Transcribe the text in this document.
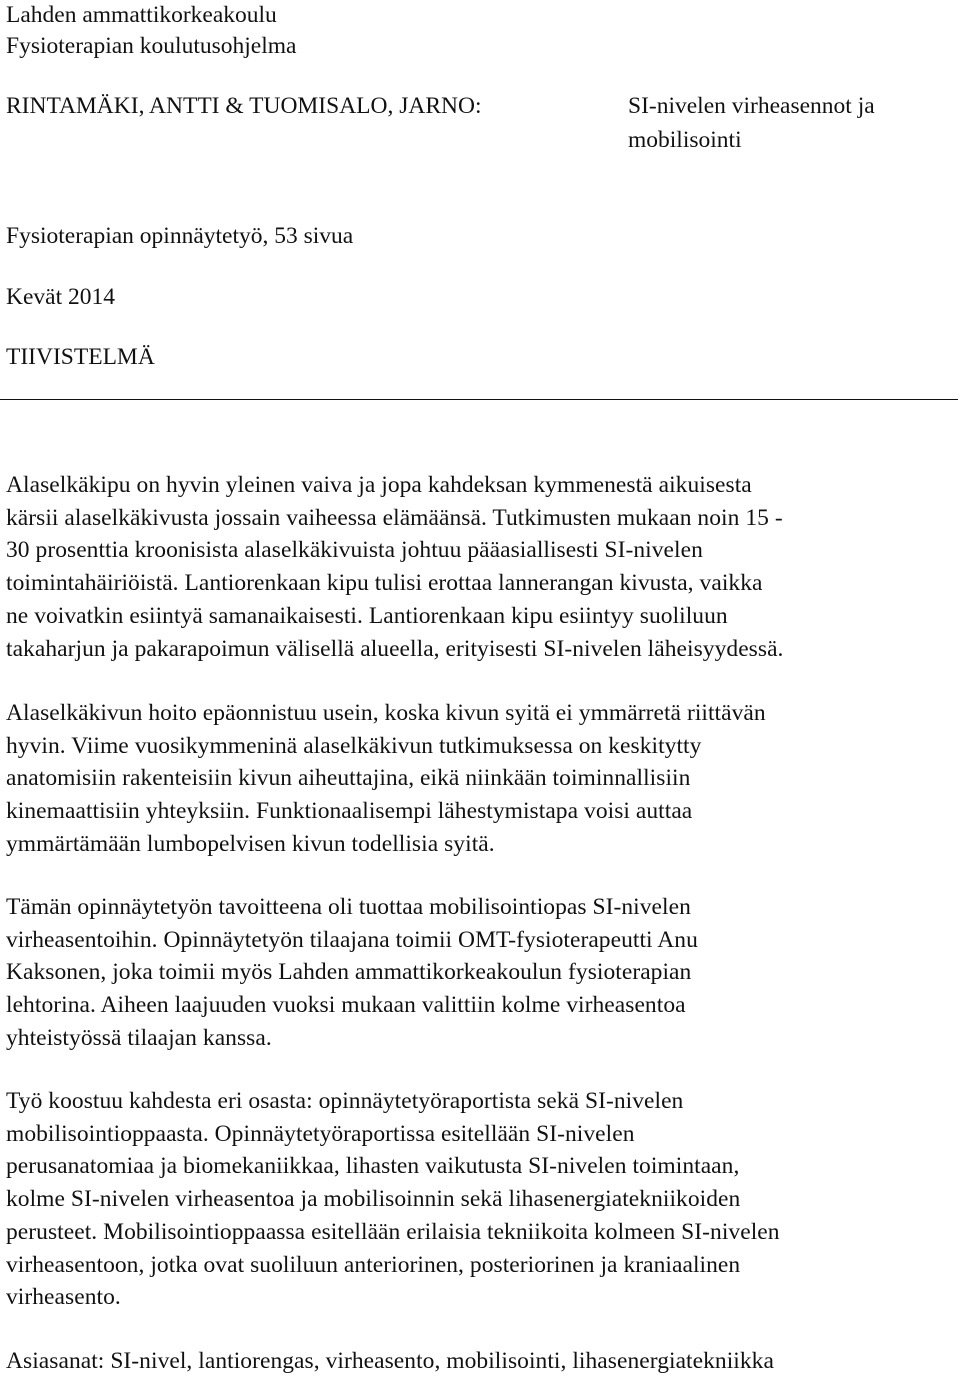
Lahden ammattikorkeakoulu
Fysioterapian koulutusohjelma
RINTAMÄKI, ANTTI & TUOMISALO, JARNO:	SI-nivelen virheasennot ja
mobilisointi
Fysioterapian opinnäytetyö, 53 sivua
Kevät 2014
TIIVISTELMÄ
Alaselkäkipu on hyvin yleinen vaiva ja jopa kahdeksan kymmenestä aikuisesta
kärsii alaselkäkivusta jossain vaiheessa elämäänsä. Tutkimusten mukaan noin 15 -
30 prosenttia kroonisista alaselkäkivuista johtuu pääasiallisesti SI-nivelen
toimintahäiriöistä. Lantiorenkaan kipu tulisi erottaa lannerangan kivusta, vaikka
ne voivatkin esiintyä samanaikaisesti. Lantiorenkaan kipu esiintyy suoliluun
takaharjun ja pakarapoimun välisellä alueella, erityisesti SI-nivelen läheisyydessä.
Alaselkäkivun hoito epäonnistuu usein, koska kivun syitä ei ymmärretä riittävän
hyvin. Viime vuosikymmeninä alaselkäkivun tutkimuksessa on keskitytty
anatomisiin rakenteisiin kivun aiheuttajina, eikä niinkään toiminnallisiin
kinemaattisiin yhteyksiin. Funktionaalisempi lähestymistapa voisi auttaa
ymmärtämään lumbopelvisen kivun todellisia syitä.
Tämän opinnäytetyön tavoitteena oli tuottaa mobilisointiopas SI-nivelen
virheasentoihin. Opinnäytetyön tilaajana toimii OMT-fysioterapeutti Anu
Kaksonen, joka toimii myös Lahden ammattikorkeakoulun fysioterapian
lehtorina. Aiheen laajuuden vuoksi mukaan valittiin kolme virheasentoa
yhteistyössä tilaajan kanssa.
Työ koostuu kahdesta eri osasta: opinnäytetyöraportista sekä SI-nivelen
mobilisointioppaasta. Opinnäytetyöraportissa esitellään SI-nivelen
perusanatomiaa ja biomekaniikkaa, lihasten vaikutusta SI-nivelen toimintaan,
kolme SI-nivelen virheasentoa ja mobilisoinnin sekä lihasenergiatekniikoiden
perusteet. Mobilisointioppaassa esitellään erilaisia tekniikoita kolmeen SI-nivelen
virheasentoon, jotka ovat suoliluun anteriorinen, posteriorinen ja kraniaalinen
virheasento.
Asiasanat: SI-nivel, lantiorengas, virheasento, mobilisointi, lihasenergiatekniikka
